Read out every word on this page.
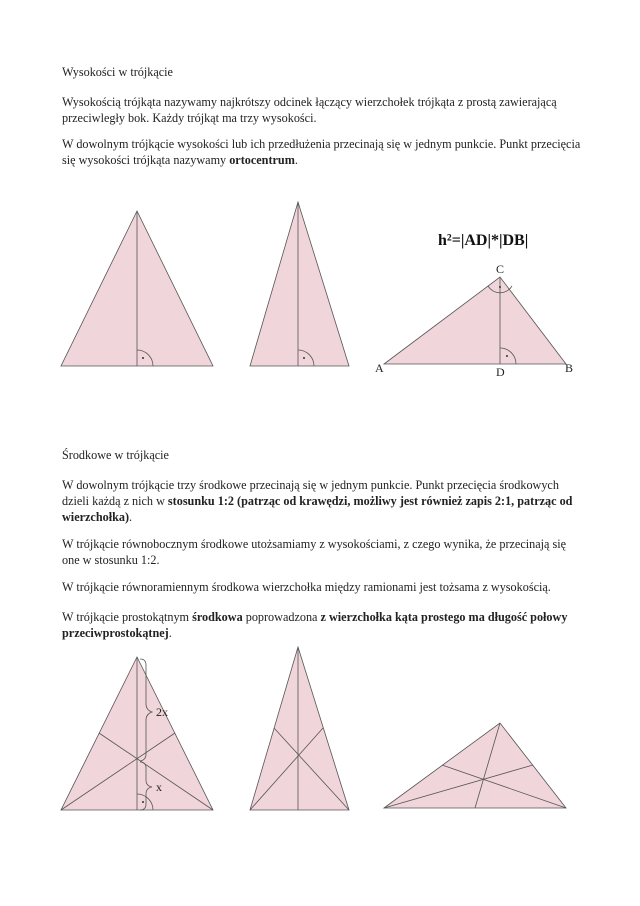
Wysokości w trójkącie

Wysokością trójkąta nazywamy najkrótszy odcinek łączący wierzchołek trójkąta z prostą zawierającą przeciwległy bok. Każdy trójkąt ma trzy wysokości.

W dowolnym trójkącie wysokości lub ich przedłużenia przecinają się w jednym punkcie. Punkt przecięcia się wysokości trójkąta nazywamy ortocentrum.

Środkowe w trójkącie

W dowolnym trójkącie trzy środkowe przecinają się w jednym punkcie. Punkt przecięcia środkowych dzieli każdą z nich w stosunku 1:2 (patrząc od krawędzi, możliwy jest również zapis 2:1, patrząc od wierzchołka).

W trójkącie równobocznym środkowe utożsamiamy z wysokościami, z czego wynika, że przecinają się one w stosunku 1:2.

W trójkącie równoramiennym środkowa wierzchołka między ramionami jest tożsama z wysokością.

W trójkącie prostokątnym środkowa poprowadzona z wierzchołka kąta prostego ma długość połowy przeciwprostokątnej.

h²=|AD|*|DB|
C
A	D	B
2x
x
